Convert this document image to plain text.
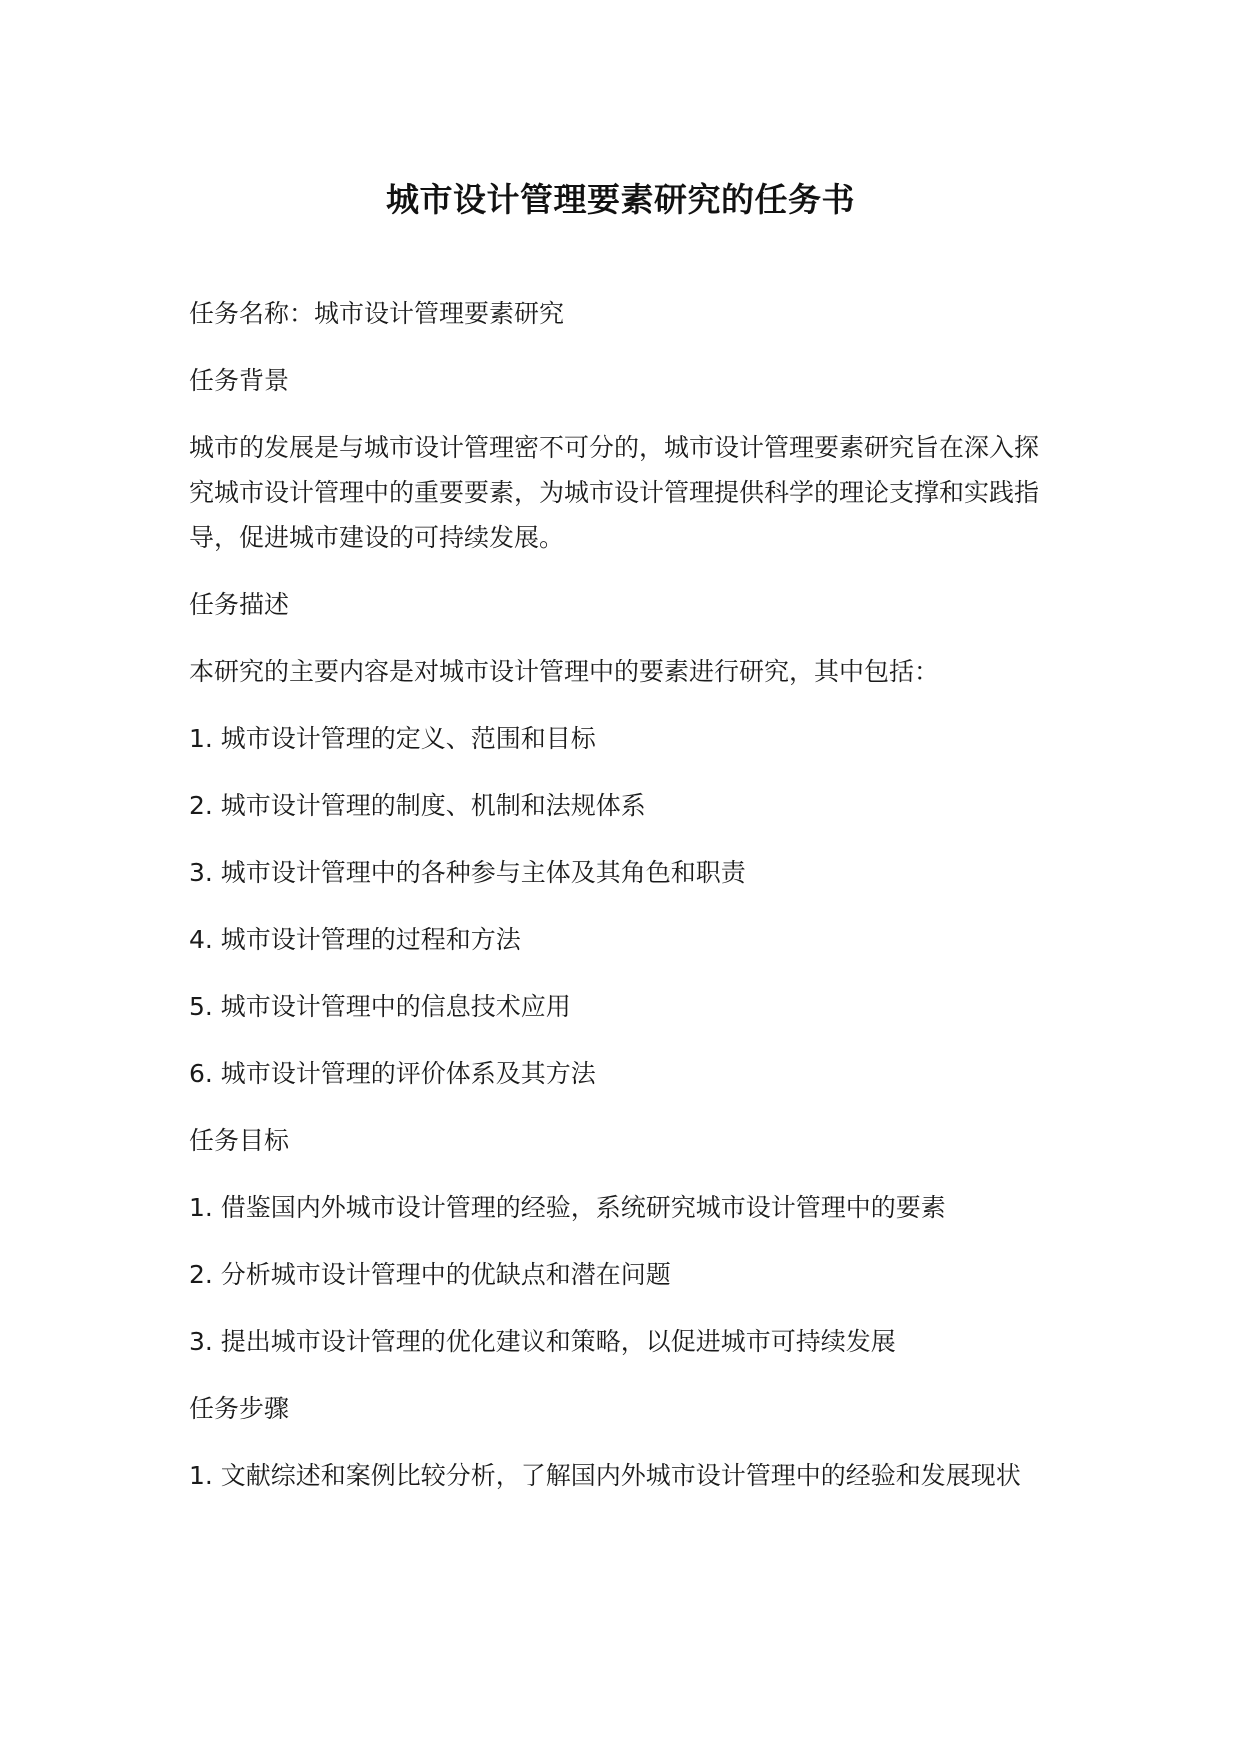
城市设计管理要素研究的任务书

任务名称：城市设计管理要素研究

任务背景

城市的发展是与城市设计管理密不可分的，城市设计管理要素研究旨在深入探究城市设计管理中的重要要素，为城市设计管理提供科学的理论支撑和实践指导，促进城市建设的可持续发展。

任务描述

本研究的主要内容是对城市设计管理中的要素进行研究，其中包括：

1. 城市设计管理的定义、范围和目标

2. 城市设计管理的制度、机制和法规体系

3. 城市设计管理中的各种参与主体及其角色和职责

4. 城市设计管理的过程和方法

5. 城市设计管理中的信息技术应用

6. 城市设计管理的评价体系及其方法

任务目标

1. 借鉴国内外城市设计管理的经验，系统研究城市设计管理中的要素

2. 分析城市设计管理中的优缺点和潜在问题

3. 提出城市设计管理的优化建议和策略，以促进城市可持续发展

任务步骤

1. 文献综述和案例比较分析，了解国内外城市设计管理中的经验和发展现状
